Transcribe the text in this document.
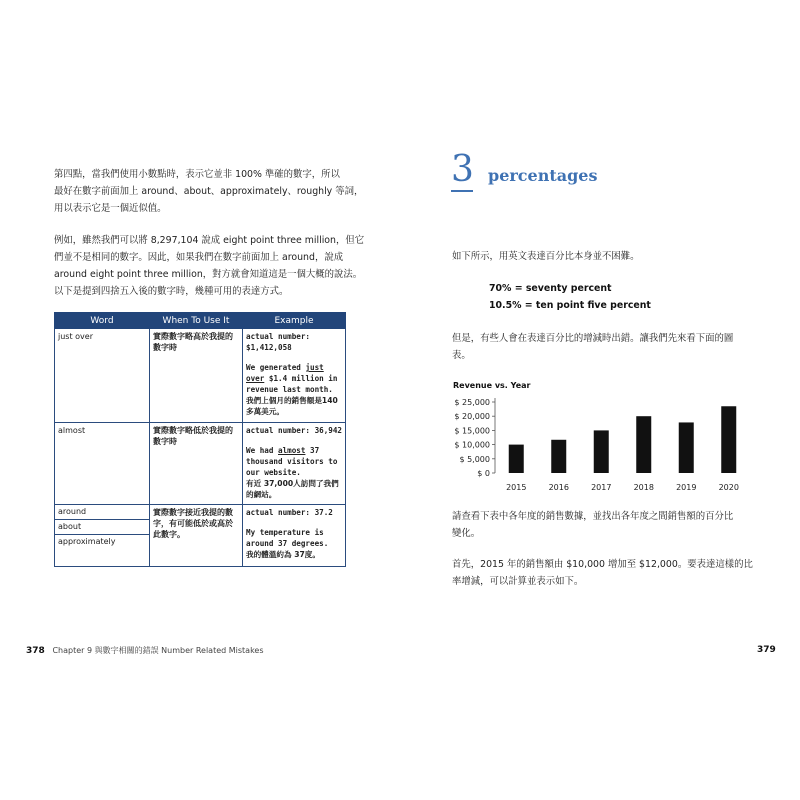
第四點，當我們使用小數點時，表示它並非 100% 準確的數字，所以
最好在數字前面加上 around、about、approximately、roughly 等詞，
用以表示它是一個近似值。

例如，雖然我們可以將 8,297,104 說成 eight point three million，但它
們並不是相同的數字。因此，如果我們在數字前面加上 around，說成
around eight point three million，對方就會知道這是一個大概的說法。
以下是提到四捨五入後的數字時，幾種可用的表達方式。

Word	When To Use It	Example
just over	實際數字略高於我提的數字時	actual number: $1,412,058
We generated just over $1.4 million in revenue last month.
我們上個月的銷售額是140多萬美元。

almost	實際數字略低於我提的數字時	actual number: 36,942
We had almost 37 thousand visitors to our website.
有近 37,000人訪問了我們的網站。

around
about
approximately	實際數字接近我提的數字，有可能低於或高於此數字。	actual number: 37.2
My temperature is around 37 degrees.
我的體溫約為 37度。
378 Chapter 9 與數字相關的錯誤 Number Related Mistakes
3 percentages

如下所示，用英文表達百分比本身並不困難。

70% = seventy percent
10.5% = ten point five percent

但是，有些人會在表達百分比的增減時出錯。讓我們先來看下面的圖
表。

Revenue vs. Year
$ 0
$ 5,000
$ 10,000
$ 15,000
$ 20,000
$ 25,000
2015	2016	2017	2018	2019	2020

請查看下表中各年度的銷售數據，並找出各年度之間銷售額的百分比
變化。

首先，2015 年的銷售額由 $10,000 增加至 $12,000。要表達這樣的比
率增減，可以計算並表示如下。

379
